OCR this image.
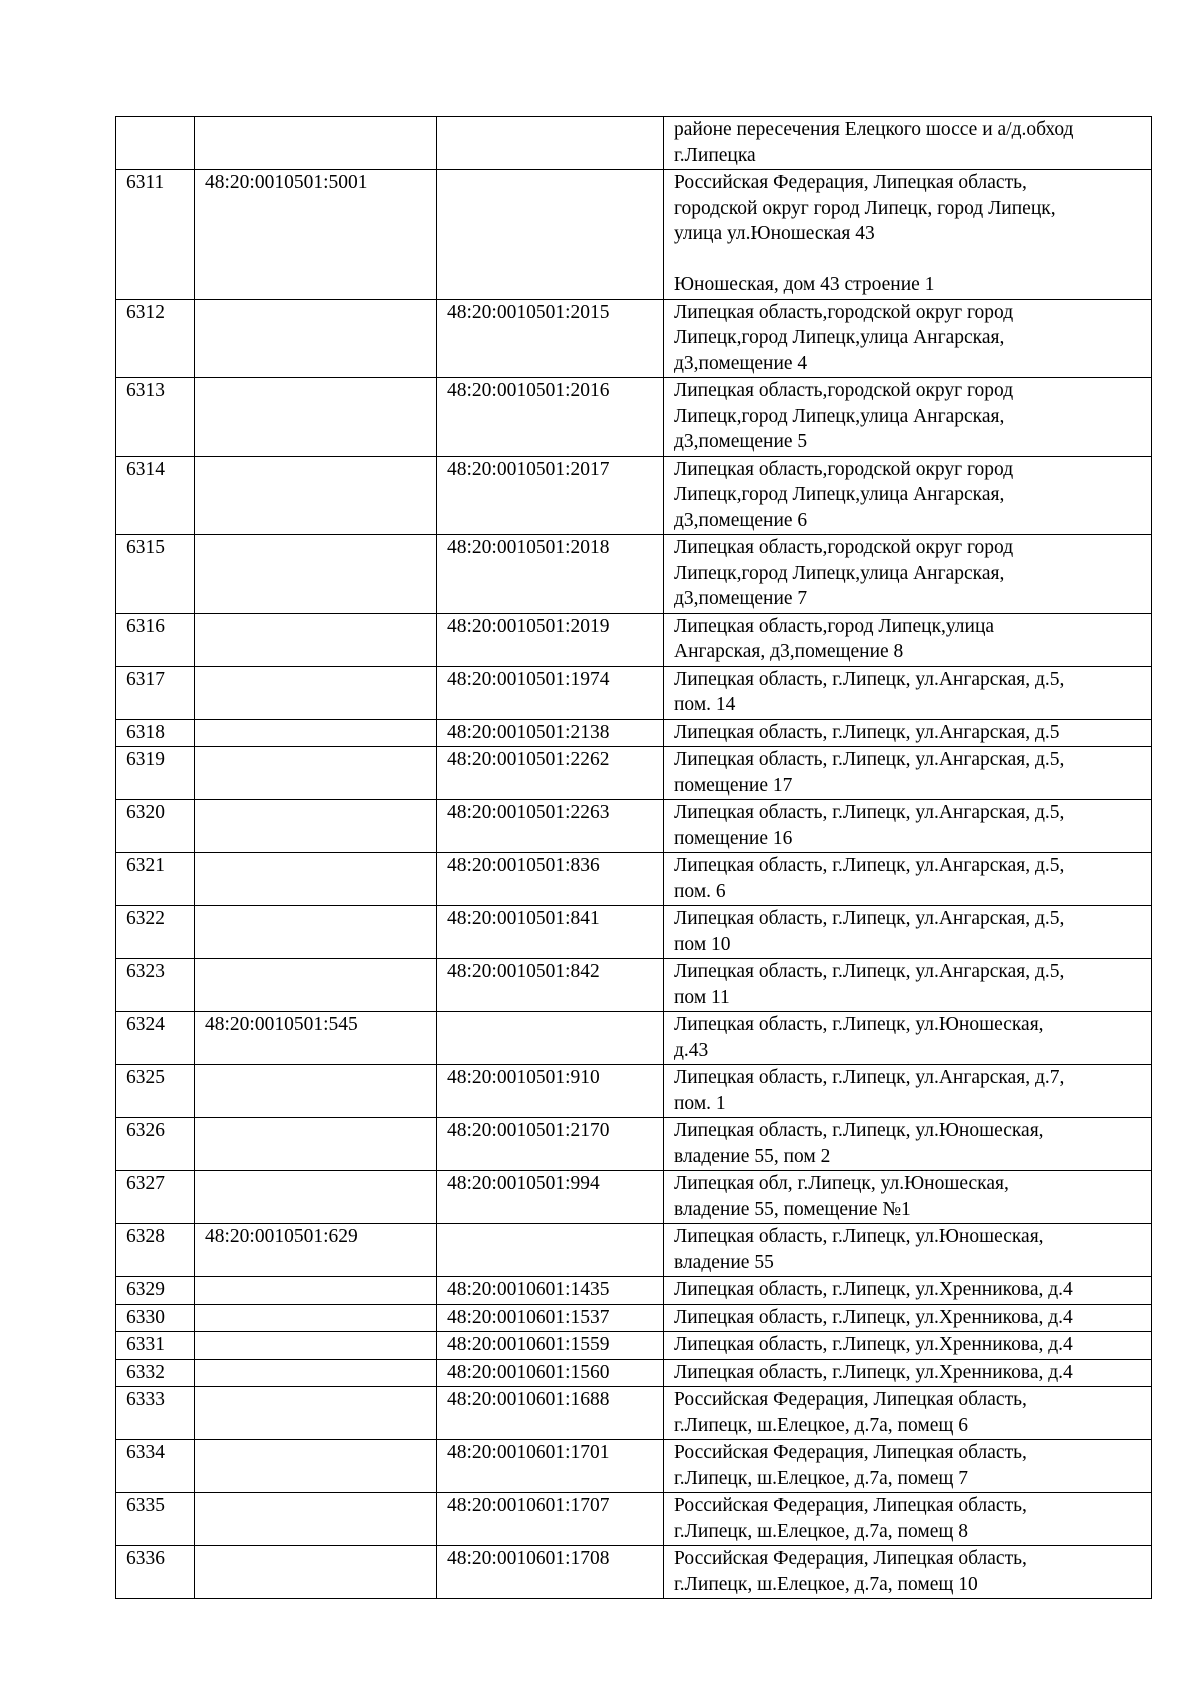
			районе пересечения Елецкого шоссе и а/д.обход
г.Липецка
6311	48:20:0010501:5001		Российская Федерация, Липецкая область,
городской округ город Липецк, город Липецк,
улица ул.Юношеская 43

Юношеская, дом 43 строение 1
6312		48:20:0010501:2015	Липецкая область,городской округ город
Липецк,город Липецк,улица Ангарская,
д3,помещение 4
6313		48:20:0010501:2016	Липецкая область,городской округ город
Липецк,город Липецк,улица Ангарская,
д3,помещение 5
6314		48:20:0010501:2017	Липецкая область,городской округ город
Липецк,город Липецк,улица Ангарская,
д3,помещение 6
6315		48:20:0010501:2018	Липецкая область,городской округ город
Липецк,город Липецк,улица Ангарская,
д3,помещение 7
6316		48:20:0010501:2019	Липецкая область,город Липецк,улица
Ангарская, д3,помещение 8
6317		48:20:0010501:1974	Липецкая область, г.Липецк, ул.Ангарская, д.5,
пом. 14
6318		48:20:0010501:2138	Липецкая область, г.Липецк, ул.Ангарская, д.5
6319		48:20:0010501:2262	Липецкая область, г.Липецк, ул.Ангарская, д.5,
помещение 17
6320		48:20:0010501:2263	Липецкая область, г.Липецк, ул.Ангарская, д.5,
помещение 16
6321		48:20:0010501:836	Липецкая область, г.Липецк, ул.Ангарская, д.5,
пом. 6
6322		48:20:0010501:841	Липецкая область, г.Липецк, ул.Ангарская, д.5,
пом 10
6323		48:20:0010501:842	Липецкая область, г.Липецк, ул.Ангарская, д.5,
пом 11
6324	48:20:0010501:545		Липецкая область, г.Липецк, ул.Юношеская,
д.43
6325		48:20:0010501:910	Липецкая область, г.Липецк, ул.Ангарская, д.7,
пом. 1
6326		48:20:0010501:2170	Липецкая область, г.Липецк, ул.Юношеская,
владение 55, пом 2
6327		48:20:0010501:994	Липецкая обл, г.Липецк, ул.Юношеская,
владение 55, помещение №1
6328	48:20:0010501:629		Липецкая область, г.Липецк, ул.Юношеская,
владение 55
6329		48:20:0010601:1435	Липецкая область, г.Липецк, ул.Хренникова, д.4
6330		48:20:0010601:1537	Липецкая область, г.Липецк, ул.Хренникова, д.4
6331		48:20:0010601:1559	Липецкая область, г.Липецк, ул.Хренникова, д.4
6332		48:20:0010601:1560	Липецкая область, г.Липецк, ул.Хренникова, д.4
6333		48:20:0010601:1688	Российская Федерация, Липецкая область,
г.Липецк, ш.Елецкое, д.7а, помещ 6
6334		48:20:0010601:1701	Российская Федерация, Липецкая область,
г.Липецк, ш.Елецкое, д.7а, помещ 7
6335		48:20:0010601:1707	Российская Федерация, Липецкая область,
г.Липецк, ш.Елецкое, д.7а, помещ 8
6336		48:20:0010601:1708	Российская Федерация, Липецкая область,
г.Липецк, ш.Елецкое, д.7а, помещ 10
